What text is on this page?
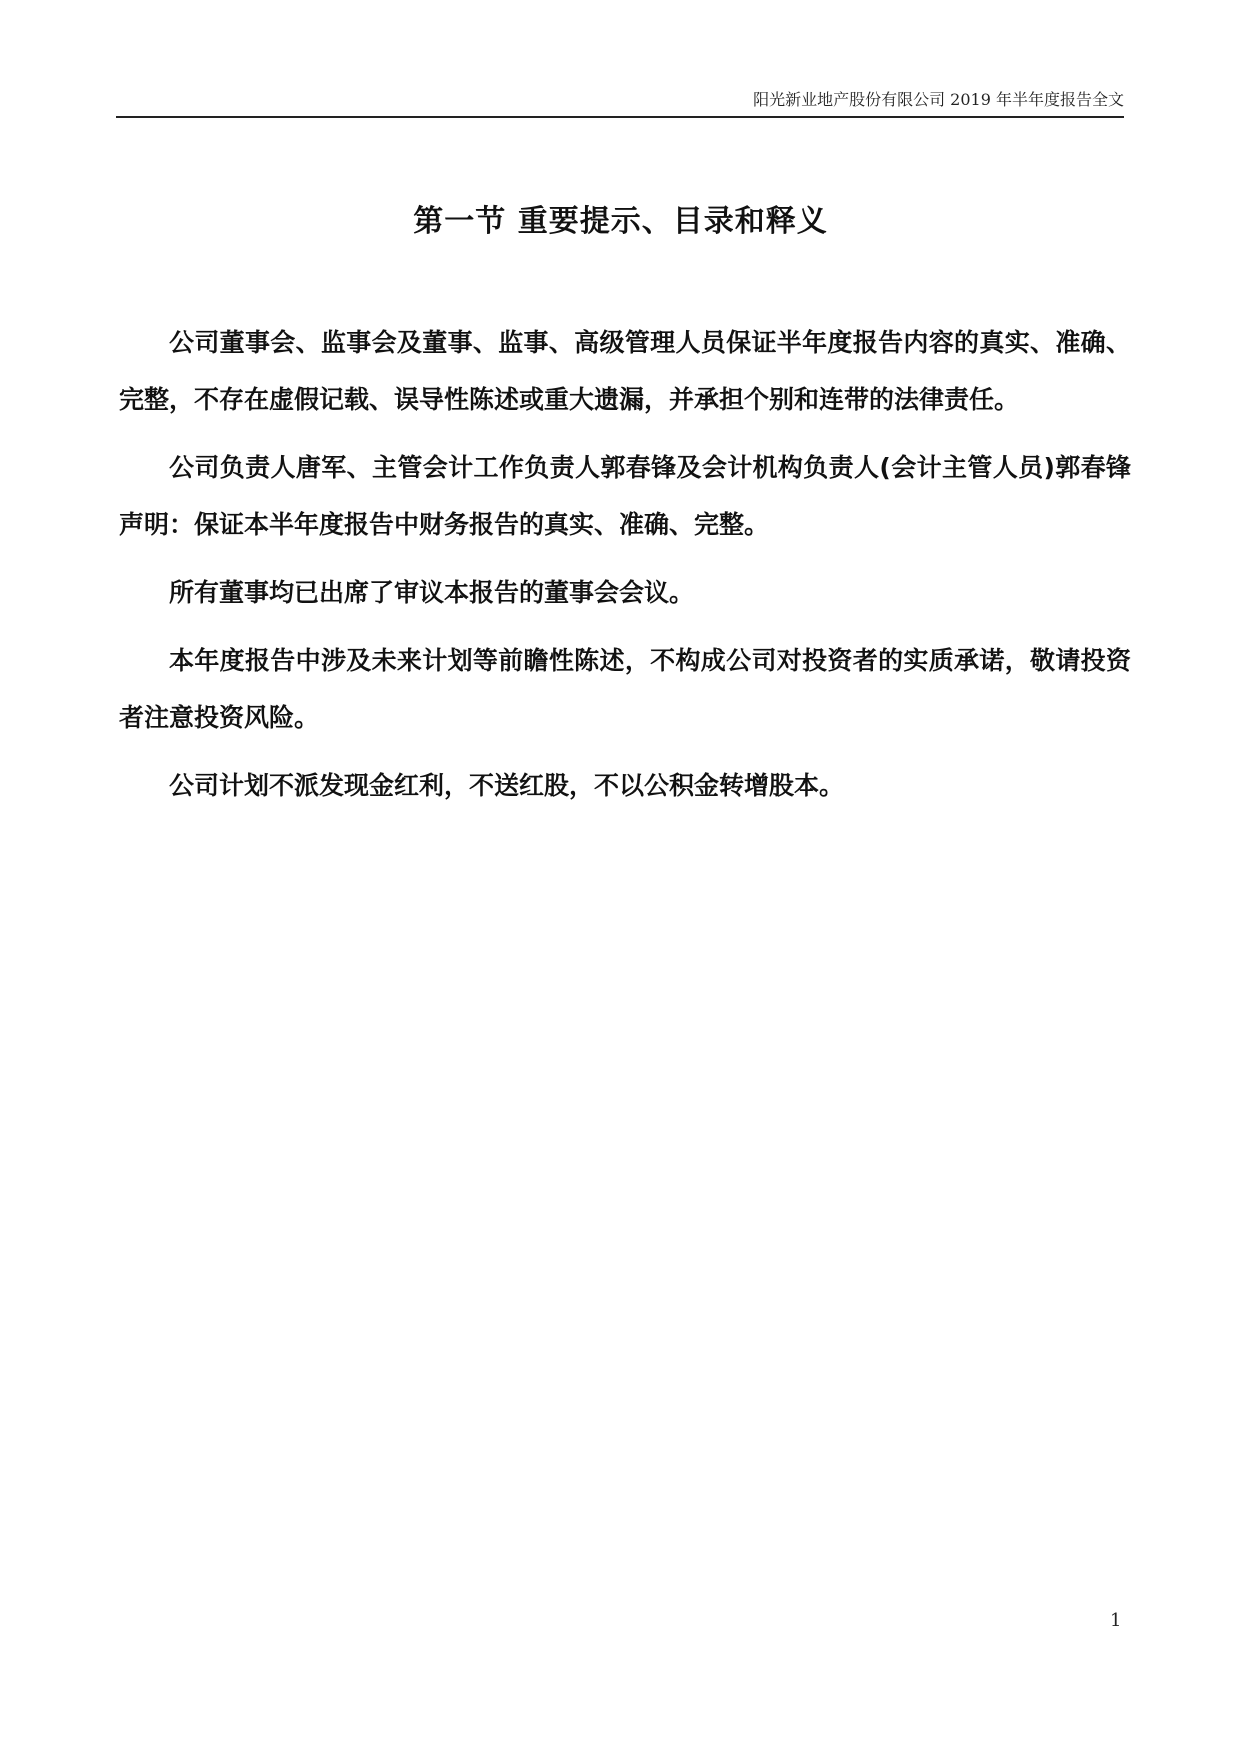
阳光新业地产股份有限公司 2019 年半年度报告全文
第一节 重要提示、目录和释义

公司董事会、监事会及董事、监事、高级管理人员保证半年度报告内容的真实、准确、完整，不存在虚假记载、误导性陈述或重大遗漏，并承担个别和连带的法律责任。

公司负责人唐军、主管会计工作负责人郭春锋及会计机构负责人(会计主管人员)郭春锋声明：保证本半年度报告中财务报告的真实、准确、完整。

所有董事均已出席了审议本报告的董事会会议。

本年度报告中涉及未来计划等前瞻性陈述，不构成公司对投资者的实质承诺，敬请投资者注意投资风险。

公司计划不派发现金红利，不送红股，不以公积金转增股本。

1
